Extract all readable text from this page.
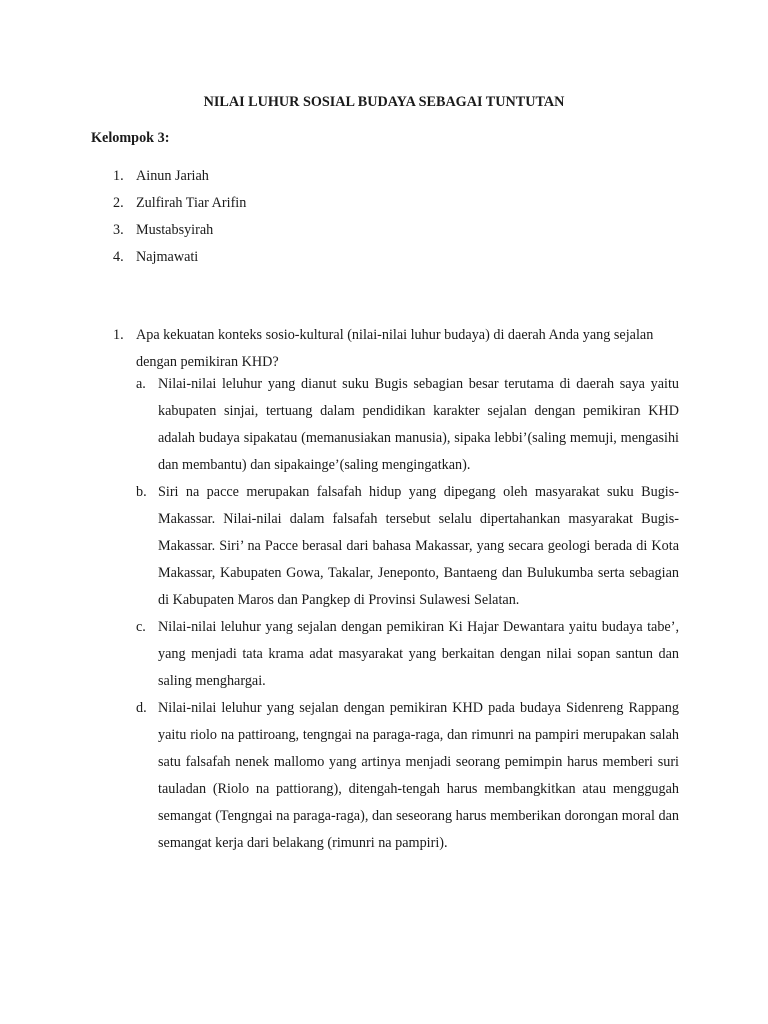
NILAI LUHUR SOSIAL BUDAYA SEBAGAI TUNTUTAN
Kelompok 3:
1. Ainun Jariah
2. Zulfirah Tiar Arifin
3. Mustabsyirah
4. Najmawati
1. Apa kekuatan konteks sosio-kultural (nilai-nilai luhur budaya) di daerah Anda yang sejalan dengan pemikiran KHD?
a. Nilai-nilai leluhur yang dianut suku Bugis sebagian besar terutama di daerah saya yaitu kabupaten sinjai, tertuang dalam pendidikan karakter sejalan dengan pemikiran KHD adalah budaya sipakatau (memanusiakan manusia), sipaka lebbi’(saling memuji, mengasihi dan membantu) dan sipakainge’(saling mengingatkan).
b. Siri na pacce merupakan falsafah hidup yang dipegang oleh masyarakat suku Bugis-Makassar. Nilai-nilai dalam falsafah tersebut selalu dipertahankan masyarakat Bugis-Makassar. Siri’ na Pacce berasal dari bahasa Makassar, yang secara geologi berada di Kota Makassar, Kabupaten Gowa, Takalar, Jeneponto, Bantaeng dan Bulukumba serta sebagian di Kabupaten Maros dan Pangkep di Provinsi Sulawesi Selatan.
c. Nilai-nilai leluhur yang sejalan dengan pemikiran Ki Hajar Dewantara yaitu budaya tabe’, yang menjadi tata krama adat masyarakat yang berkaitan dengan nilai sopan santun dan saling menghargai.
d. Nilai-nilai leluhur yang sejalan dengan pemikiran KHD pada budaya Sidenreng Rappang yaitu riolo na pattiroang, tengngai na paraga-raga, dan rimunri na pampiri merupakan salah satu falsafah nenek mallomo yang artinya menjadi seorang pemimpin harus memberi suri tauladan (Riolo na pattiorang), ditengah-tengah harus membangkitkan atau menggugah semangat (Tengngai na paraga-raga), dan seseorang harus memberikan dorongan moral dan semangat kerja dari belakang (rimunri na pampiri).
